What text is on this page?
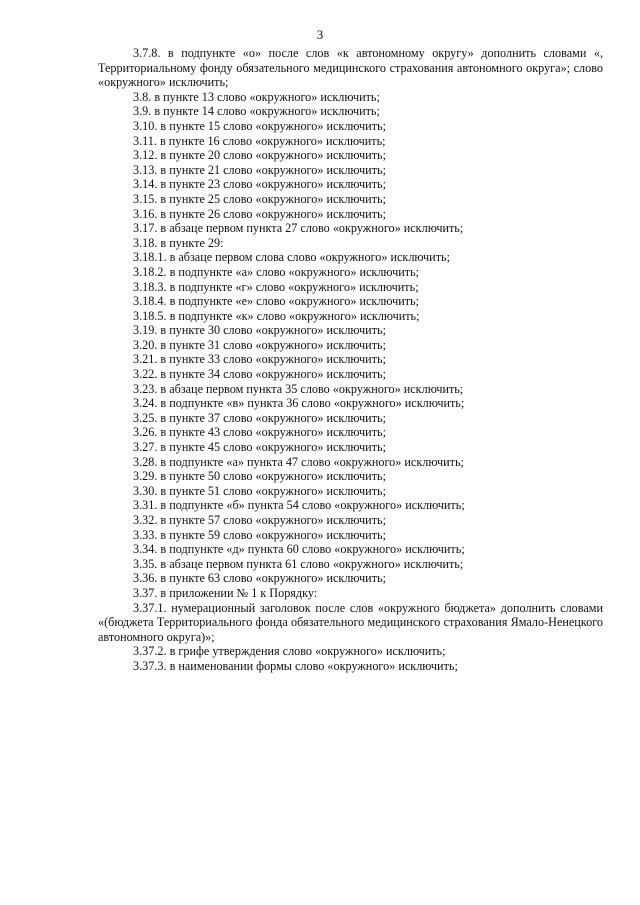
3

3.7.8. в подпункте «о» после слов «к автономному округу» дополнить словами «, Территориальному фонду обязательного медицинского страхования автономного округа»; слово «окружного» исключить;

3.8. в пункте 13 слово «окружного» исключить;

3.9. в пункте 14 слово «окружного» исключить;

3.10. в пункте 15 слово «окружного» исключить;

3.11. в пункте 16 слово «окружного» исключить;

3.12. в пункте 20 слово «окружного» исключить;

3.13. в пункте 21 слово «окружного» исключить;

3.14. в пункте 23 слово «окружного» исключить;

3.15. в пункте 25 слово «окружного» исключить;

3.16. в пункте 26 слово «окружного» исключить;

3.17. в абзаце первом пункта 27 слово «окружного» исключить;

3.18. в пункте 29:

3.18.1. в абзаце первом слова слово «окружного» исключить;

3.18.2. в подпункте «а» слово «окружного» исключить;

3.18.3. в подпункте «г» слово «окружного» исключить;

3.18.4. в подпункте «е» слово «окружного» исключить;

3.18.5. в подпункте «к» слово «окружного» исключить;

3.19. в пункте 30 слово «окружного» исключить;

3.20. в пункте 31 слово «окружного» исключить;

3.21. в пункте 33 слово «окружного» исключить;

3.22. в пункте 34 слово «окружного» исключить;

3.23. в абзаце первом пункта 35 слово «окружного» исключить;

3.24. в подпункте «в» пункта 36 слово «окружного» исключить;

3.25. в пункте 37 слово «окружного» исключить;

3.26. в пункте 43 слово «окружного» исключить;

3.27. в пункте 45 слово «окружного» исключить;

3.28. в подпункте «а» пункта 47 слово «окружного» исключить;

3.29. в пункте 50 слово «окружного» исключить;

3.30. в пункте 51 слово «окружного» исключить;

3.31. в подпункте «б» пункта 54 слово «окружного» исключить;

3.32. в пункте 57 слово «окружного» исключить;

3.33. в пункте 59 слово «окружного» исключить;

3.34. в подпункте «д» пункта 60 слово «окружного» исключить;

3.35. в абзаце первом пункта 61 слово «окружного» исключить;

3.36. в пункте 63 слово «окружного» исключить;

3.37. в приложении № 1 к Порядку:

3.37.1. нумерационный заголовок после слов «окружного бюджета» дополнить словами «(бюджета Территориального фонда обязательного медицинского страхования Ямало-Ненецкого автономного округа)»;

3.37.2. в грифе утверждения слово «окружного» исключить;

3.37.3. в наименовании формы слово «окружного» исключить;
